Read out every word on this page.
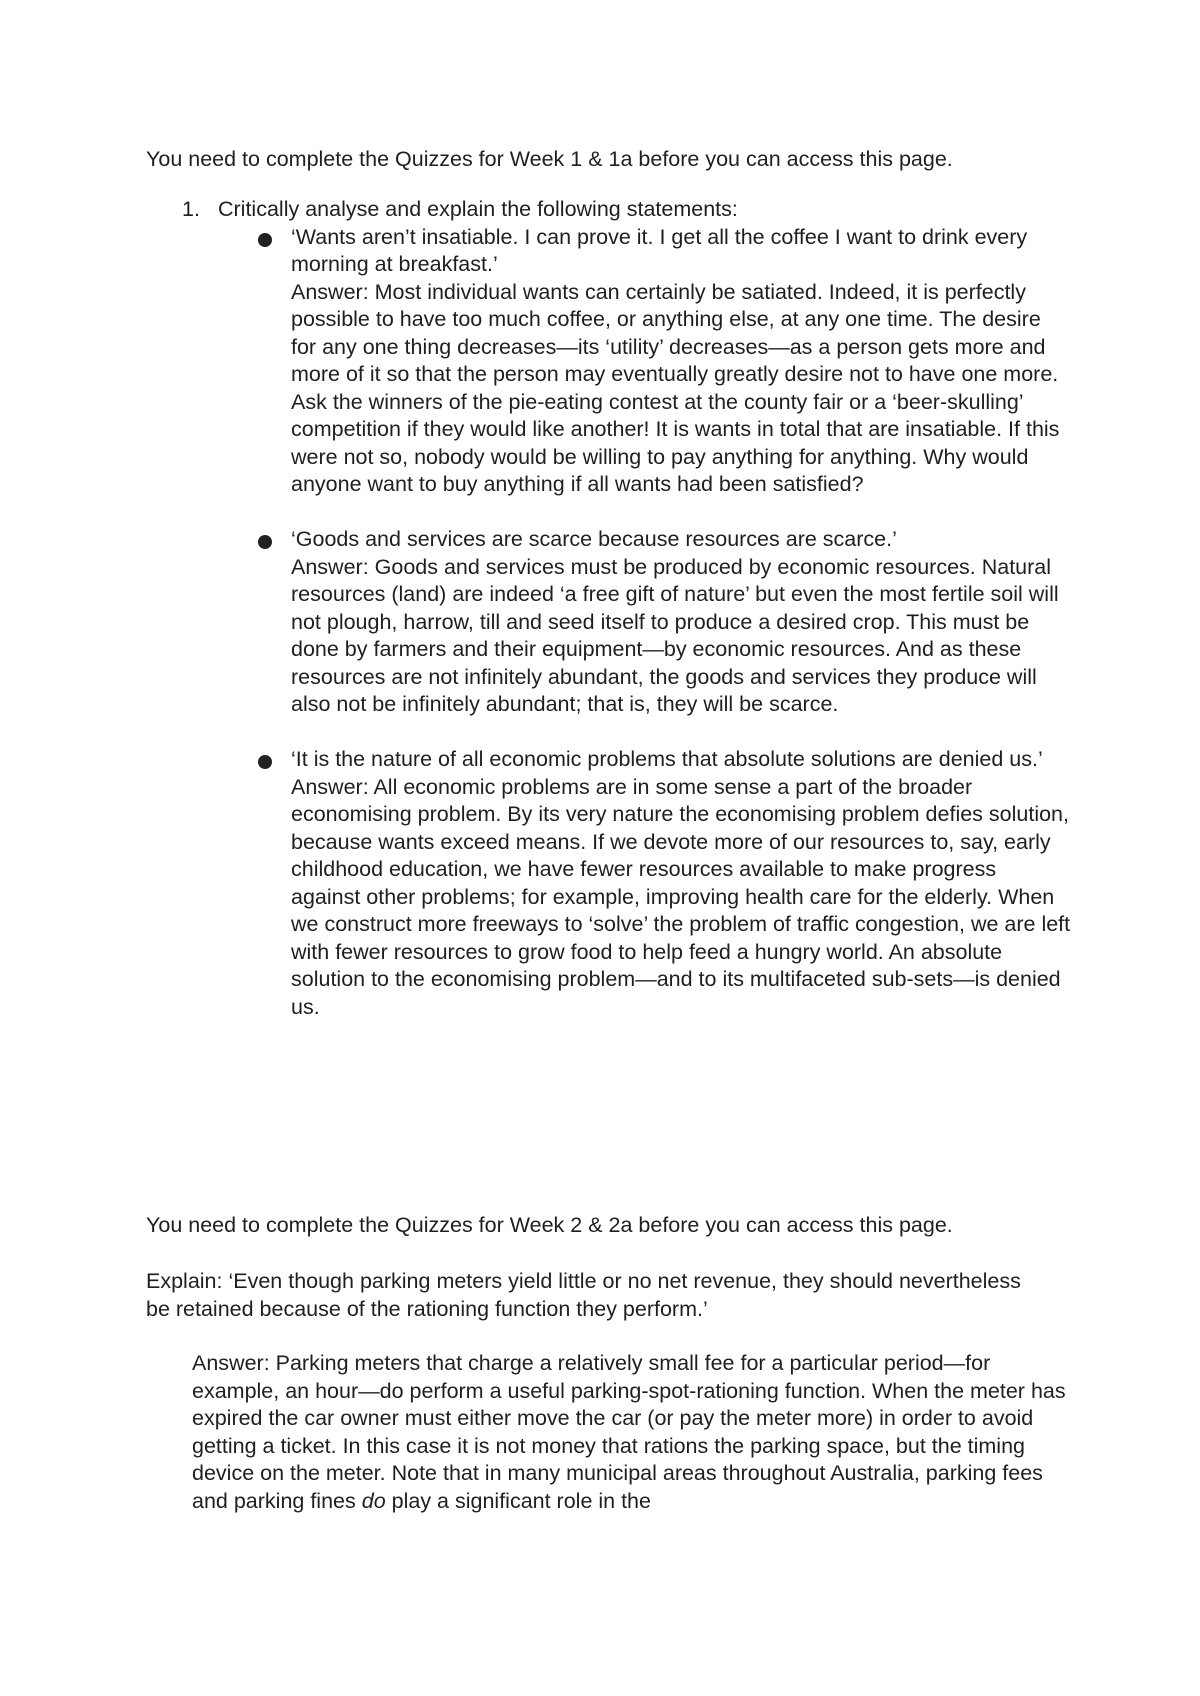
You need to complete the Quizzes for Week 1 & 1a before you can access this page.

1. Critically analyse and explain the following statements:
‘Wants aren’t insatiable. I can prove it. I get all the coffee I want to drink every morning at breakfast.’
Answer: Most individual wants can certainly be satiated. Indeed, it is perfectly possible to have too much coffee, or anything else, at any one time. The desire for any one thing decreases—its ‘utility’ decreases—as a person gets more and more of it so that the person may eventually greatly desire not to have one more. Ask the winners of the pie-eating contest at the county fair or a ‘beer-skulling’ competition if they would like another! It is wants in total that are insatiable. If this were not so, nobody would be willing to pay anything for anything. Why would anyone want to buy anything if all wants had been satisfied?
‘Goods and services are scarce because resources are scarce.’
Answer: Goods and services must be produced by economic resources. Natural resources (land) are indeed ‘a free gift of nature’ but even the most fertile soil will not plough, harrow, till and seed itself to produce a desired crop. This must be done by farmers and their equipment—by economic resources. And as these resources are not infinitely abundant, the goods and services they produce will also not be infinitely abundant; that is, they will be scarce.
‘It is the nature of all economic problems that absolute solutions are denied us.’
Answer: All economic problems are in some sense a part of the broader economising problem. By its very nature the economising problem defies solution, because wants exceed means. If we devote more of our resources to, say, early childhood education, we have fewer resources available to make progress against other problems; for example, improving health care for the elderly. When we construct more freeways to ‘solve’ the problem of traffic congestion, we are left with fewer resources to grow food to help feed a hungry world. An absolute solution to the economising problem—and to its multifaceted sub-sets—is denied us.

You need to complete the Quizzes for Week 2 & 2a before you can access this page.

Explain: ‘Even though parking meters yield little or no net revenue, they should nevertheless be retained because of the rationing function they perform.’

Answer: Parking meters that charge a relatively small fee for a particular period—for example, an hour—do perform a useful parking-spot-rationing function. When the meter has expired the car owner must either move the car (or pay the meter more) in order to avoid getting a ticket. In this case it is not money that rations the parking space, but the timing device on the meter. Note that in many municipal areas throughout Australia, parking fees and parking fines do play a significant role in the
